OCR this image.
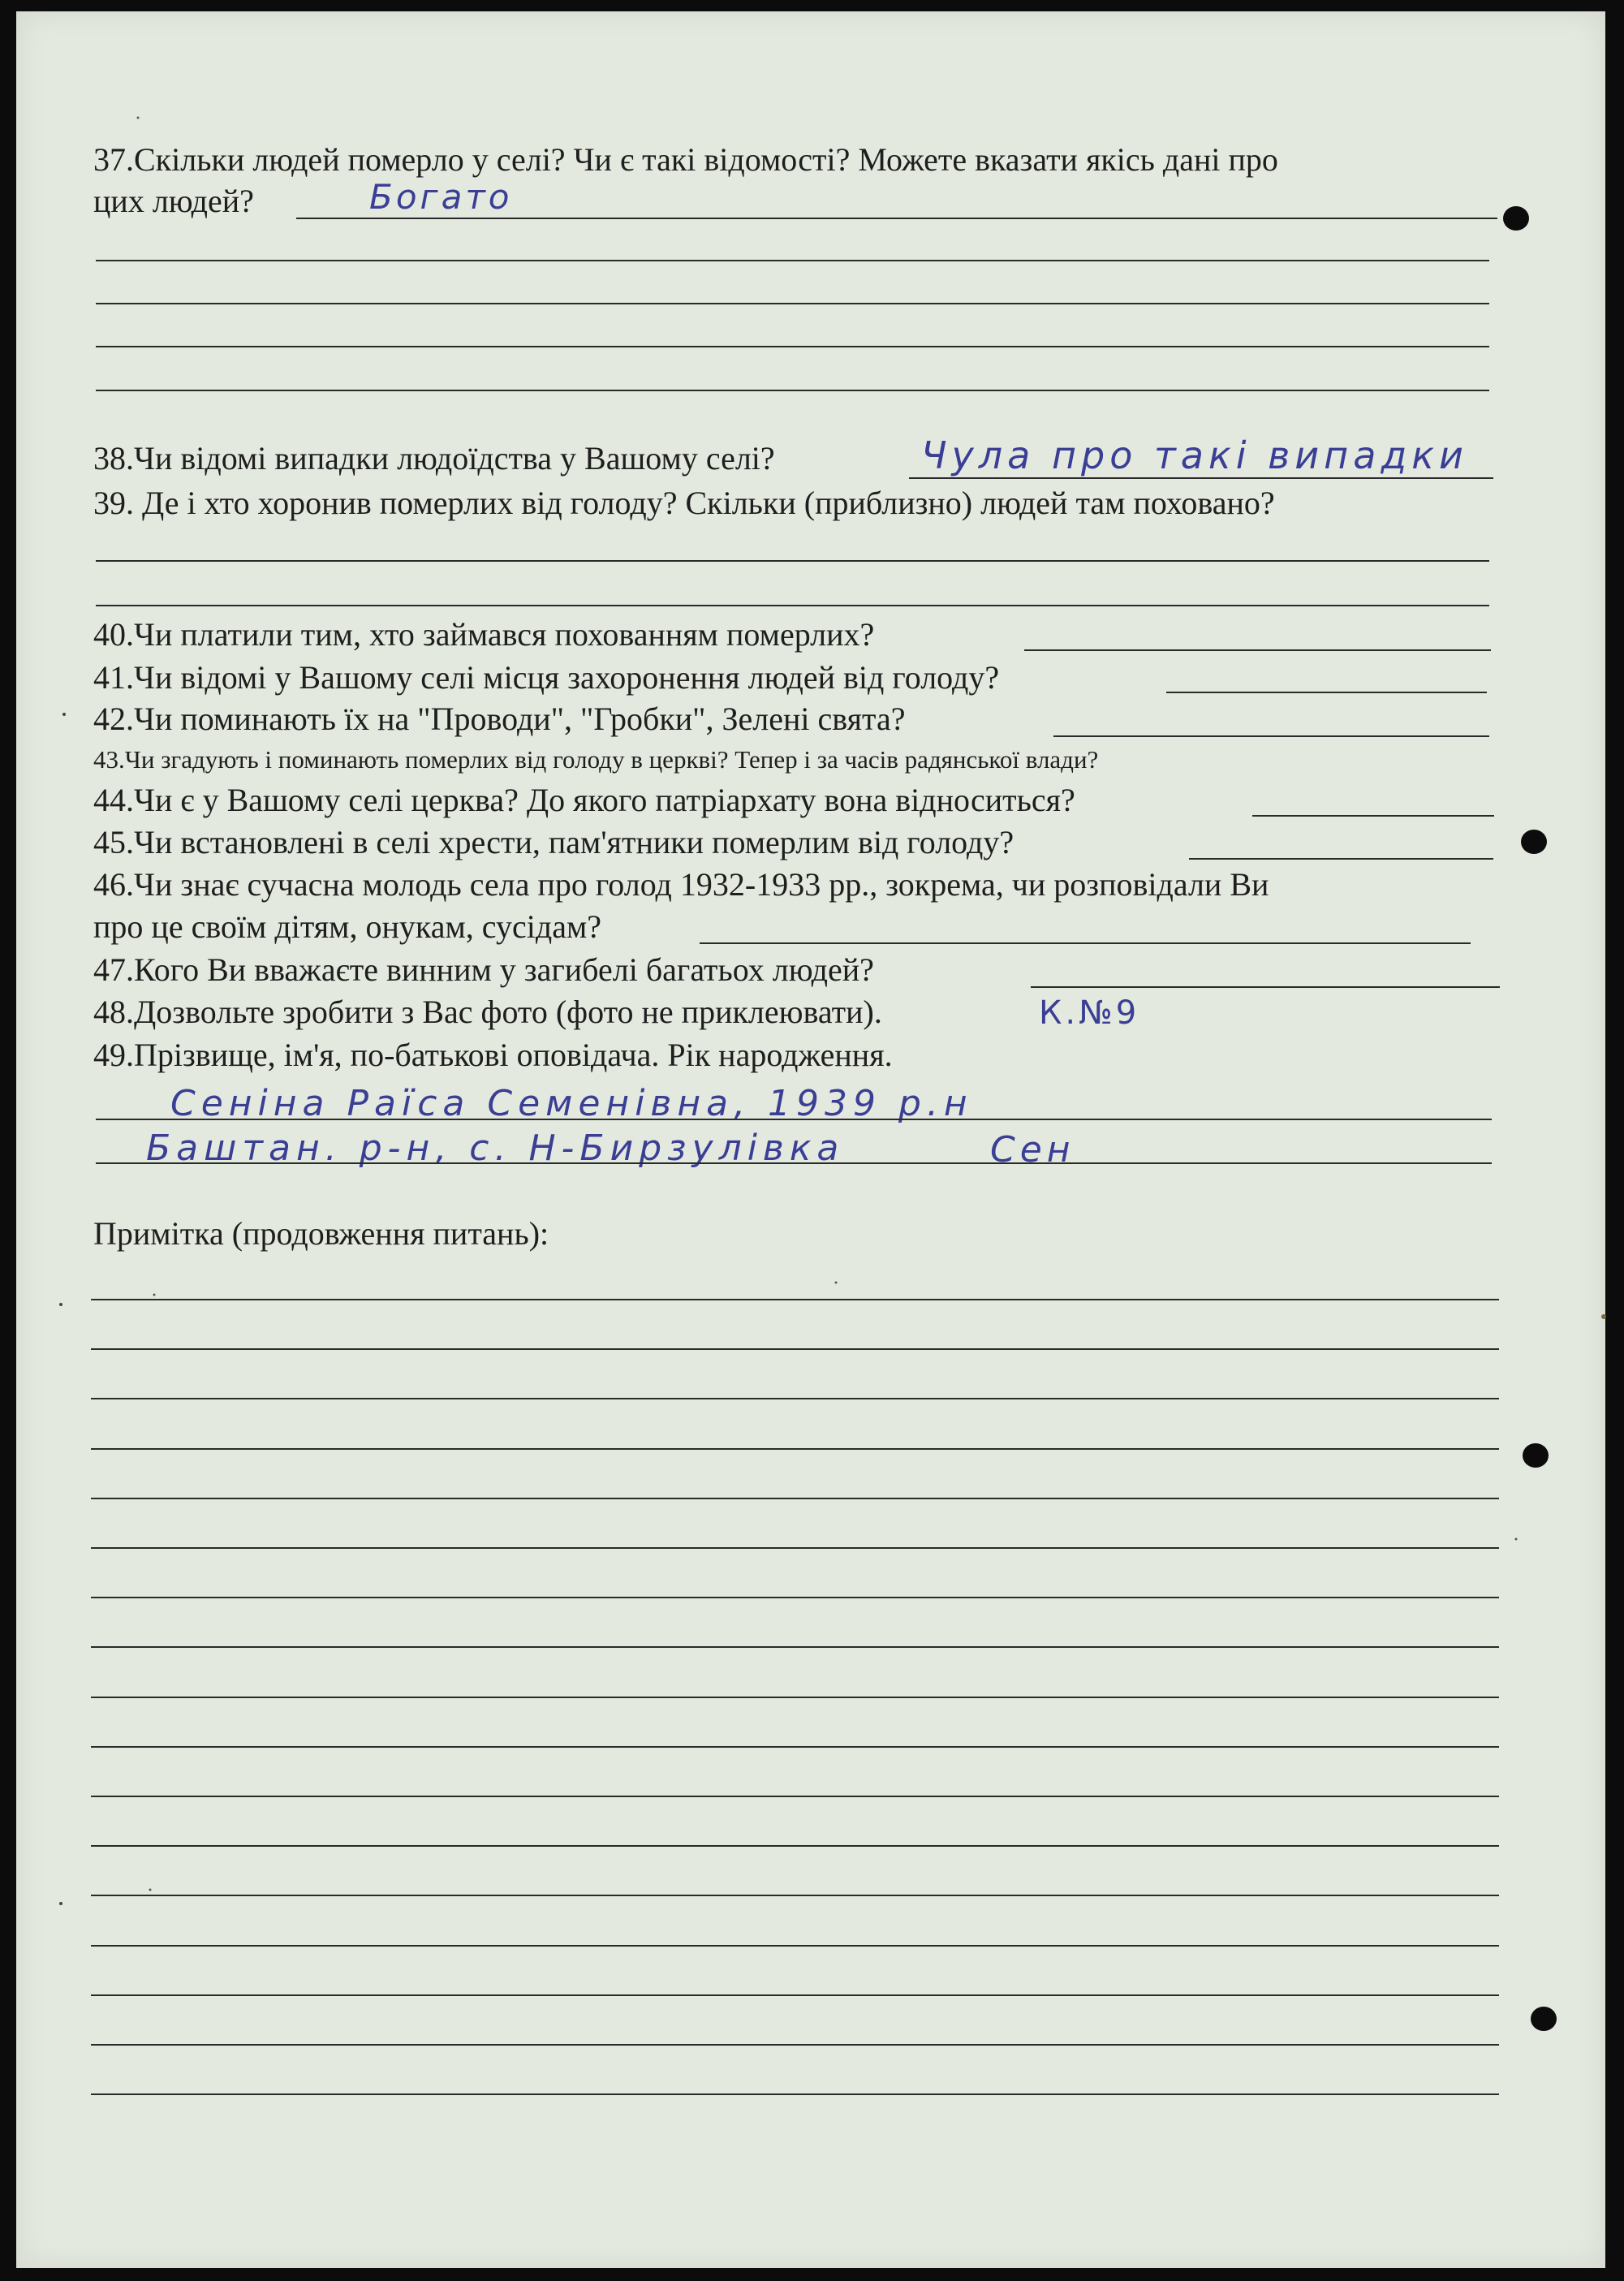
37.Скільки людей померло у селі? Чи є такі відомості? Можете вказати якісь дані про
цих людей?	Богато
38.Чи відомі випадки людоїдства у Вашому селі?	Чула про такі випадки
39. Де і хто хоронив померлих від голоду? Скільки (приблизно) людей там поховано?
40.Чи платили тим, хто займався похованням померлих?
41.Чи відомі у Вашому селі місця захоронення людей від голоду?
42.Чи поминають їх на "Проводи", "Гробки", Зелені свята?
43.Чи згадують і поминають померлих від голоду в церкві? Тепер і за часів радянської влади?
44.Чи є у Вашому селі церква? До якого патріархату вона відноситься?
45.Чи встановлені в селі хрести, пам'ятники померлим від голоду?
46.Чи знає сучасна молодь села про голод 1932-1933 рр., зокрема, чи розповідали Ви
про це своїм дітям, онукам, сусідам?
47.Кого Ви вважаєте винним у загибелі багатьох людей?
48.Дозвольте зробити з Вас фото (фото не приклеювати).	К.№9
49.Прізвище, ім'я, по-батькові оповідача. Рік народження.
Сеніна Раїса Семенівна, 1939 р.н
Баштан. р-н, с. Н-Бирзулівка	Сен
Примітка (продовження питань):
